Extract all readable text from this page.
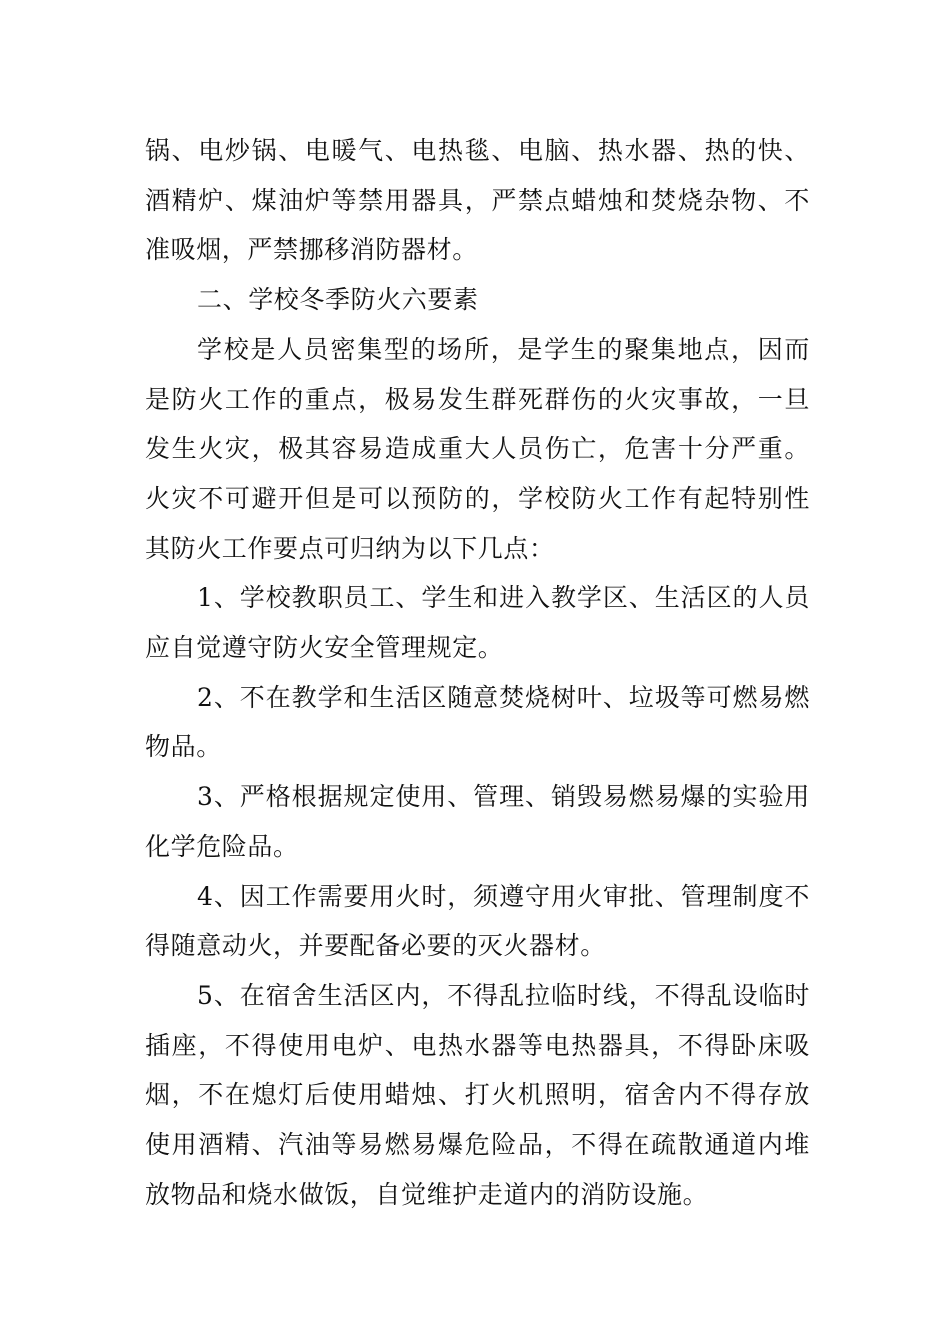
锅、电炒锅、电暖气、电热毯、电脑、热水器、热的快、酒精炉、煤油炉等禁用器具，严禁点蜡烛和焚烧杂物、不准吸烟，严禁挪移消防器材。

二、学校冬季防火六要素

学校是人员密集型的场所，是学生的聚集地点，因而是防火工作的重点，极易发生群死群伤的火灾事故，一旦发生火灾，极其容易造成重大人员伤亡，危害十分严重。火灾不可避开但是可以预防的，学校防火工作有起特别性其防火工作要点可归纳为以下几点：

1、学校教职员工、学生和进入教学区、生活区的人员应自觉遵守防火安全管理规定。

2、不在教学和生活区随意焚烧树叶、垃圾等可燃易燃物品。

3、严格根据规定使用、管理、销毁易燃易爆的实验用化学危险品。

4、因工作需要用火时，须遵守用火审批、管理制度不得随意动火，并要配备必要的灭火器材。

5、在宿舍生活区内，不得乱拉临时线，不得乱设临时插座，不得使用电炉、电热水器等电热器具，不得卧床吸烟，不在熄灯后使用蜡烛、打火机照明，宿舍内不得存放使用酒精、汽油等易燃易爆危险品，不得在疏散通道内堆放物品和烧水做饭，自觉维护走道内的消防设施。
